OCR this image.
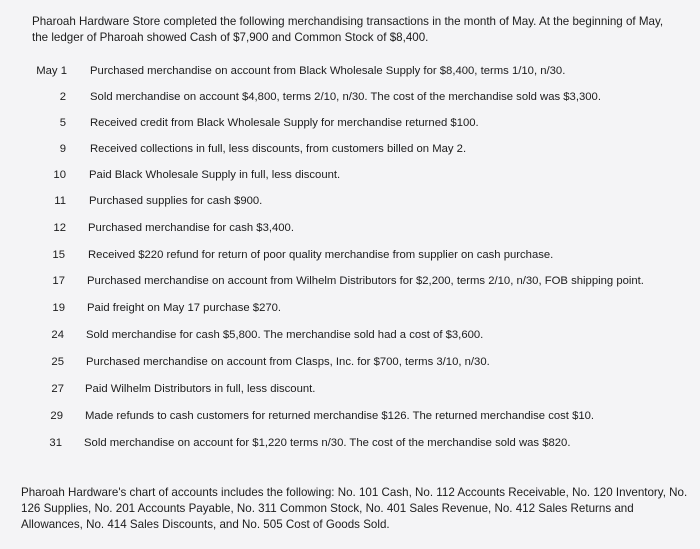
Pharoah Hardware Store completed the following merchandising transactions in the month of May. At the beginning of May, the ledger of Pharoah showed Cash of $7,900 and Common Stock of $8,400.
May 1 Purchased merchandise on account from Black Wholesale Supply for $8,400, terms 1/10, n/30.
2 Sold merchandise on account $4,800, terms 2/10, n/30. The cost of the merchandise sold was $3,300.
5 Received credit from Black Wholesale Supply for merchandise returned $100.
9 Received collections in full, less discounts, from customers billed on May 2.
10 Paid Black Wholesale Supply in full, less discount.
11 Purchased supplies for cash $900.
12 Purchased merchandise for cash $3,400.
15 Received $220 refund for return of poor quality merchandise from supplier on cash purchase.
17 Purchased merchandise on account from Wilhelm Distributors for $2,200, terms 2/10, n/30, FOB shipping point.
19 Paid freight on May 17 purchase $270.
24 Sold merchandise for cash $5,800. The merchandise sold had a cost of $3,600.
25 Purchased merchandise on account from Clasps, Inc. for $700, terms 3/10, n/30.
27 Paid Wilhelm Distributors in full, less discount.
29 Made refunds to cash customers for returned merchandise $126. The returned merchandise cost $10.
31 Sold merchandise on account for $1,220 terms n/30. The cost of the merchandise sold was $820.
Pharoah Hardware's chart of accounts includes the following: No. 101 Cash, No. 112 Accounts Receivable, No. 120 Inventory, No. 126 Supplies, No. 201 Accounts Payable, No. 311 Common Stock, No. 401 Sales Revenue, No. 412 Sales Returns and Allowances, No. 414 Sales Discounts, and No. 505 Cost of Goods Sold.
